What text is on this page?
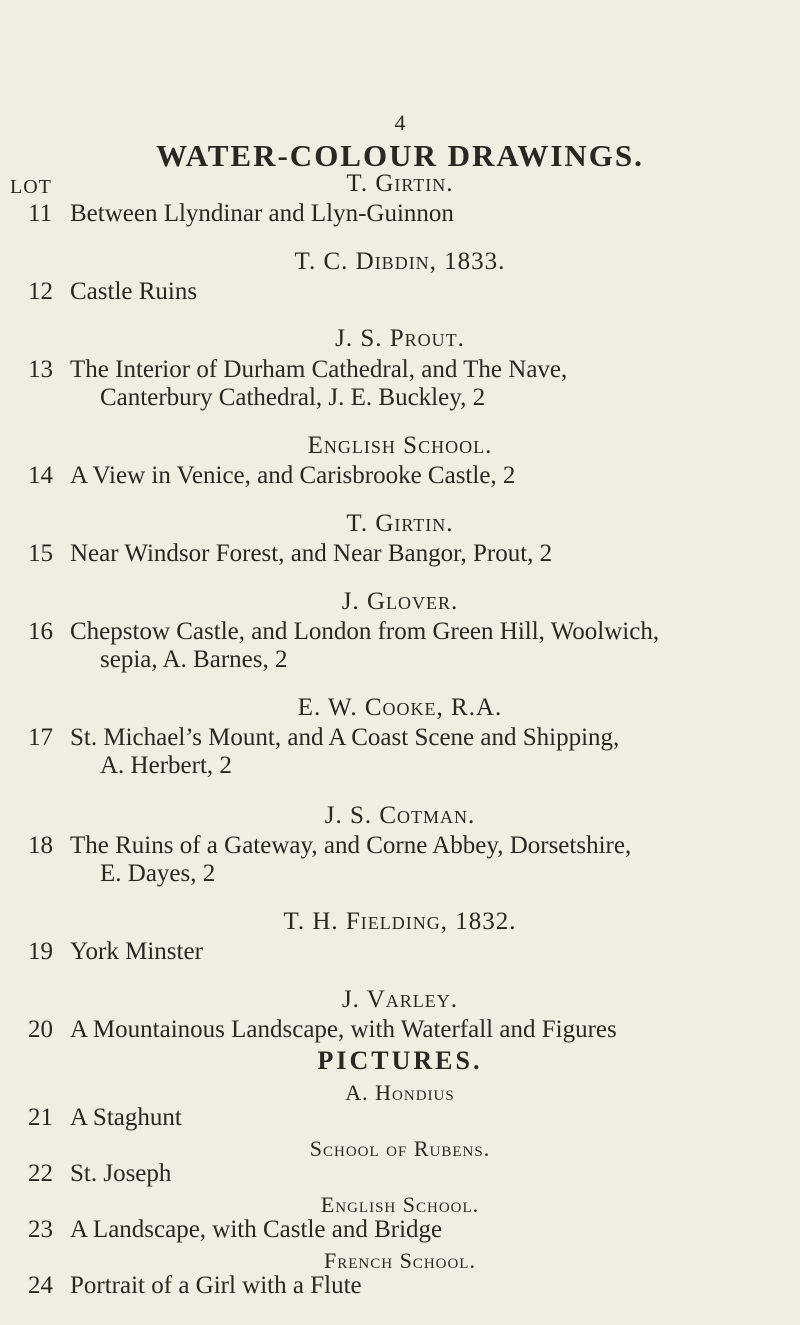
4
WATER-COLOUR DRAWINGS.
LOT	T. Girtin.
11 Between Llyndinar and Llyn-Guinnon
T. C. Dibdin, 1833.
12 Castle Ruins
J. S. Prout.
13 The Interior of Durham Cathedral, and The Nave,
Canterbury Cathedral, J. E. Buckley, 2
English School.
14 A View in Venice, and Carisbrooke Castle, 2
T. Girtin.
15 Near Windsor Forest, and Near Bangor, Prout, 2
J. Glover.
16 Chepstow Castle, and London from Green Hill, Woolwich,
sepia, A. Barnes, 2
E. W. Cooke, R.A.
17 St. Michael’s Mount, and A Coast Scene and Shipping,
A. Herbert, 2
J. S. Cotman.
18 The Ruins of a Gateway, and Corne Abbey, Dorsetshire,
E. Dayes, 2
T. H. Fielding, 1832.
19 York Minster
J. Varley.
20 A Mountainous Landscape, with Waterfall and Figures
PICTURES.
A. Hondius
21 A Staghunt
School of Rubens.
22 St. Joseph
English School.
23 A Landscape, with Castle and Bridge
French School.
24 Portrait of a Girl with a Flute
